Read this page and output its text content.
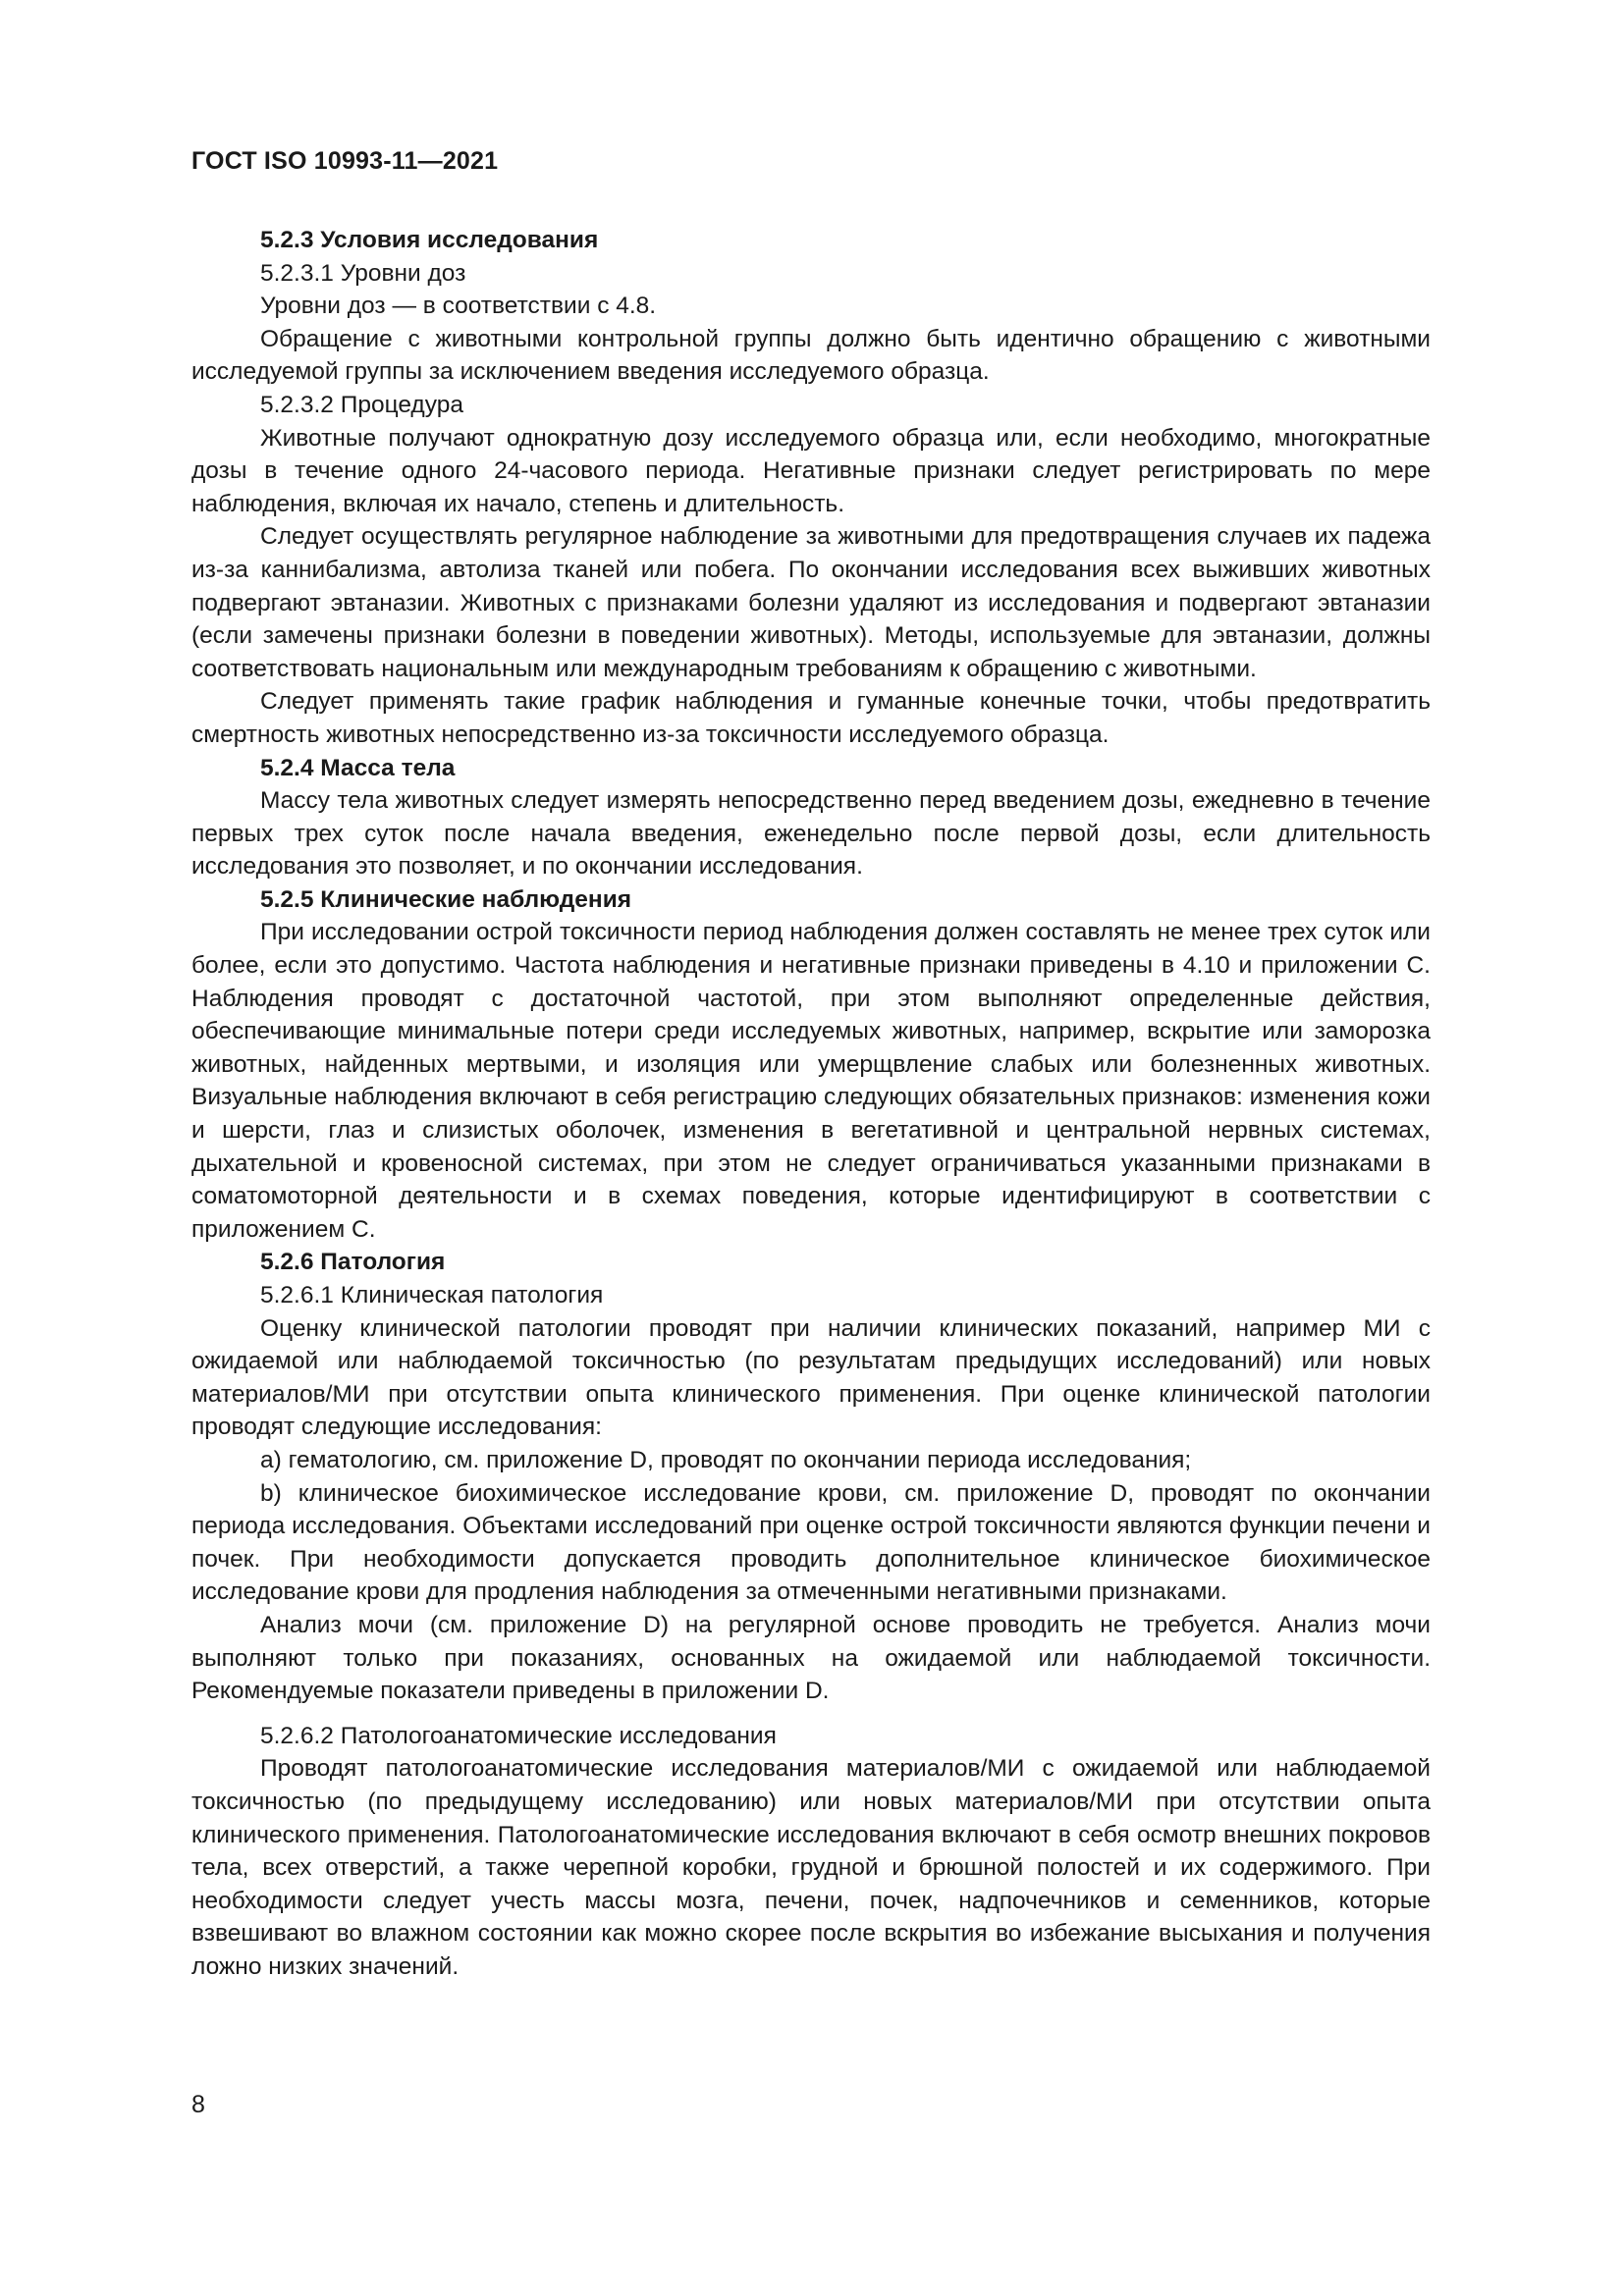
ГОСТ ISO 10993-11—2021

5.2.3 Условия исследования

5.2.3.1 Уровни доз

Уровни доз — в соответствии с 4.8.

Обращение с животными контрольной группы должно быть идентично обращению с животными исследуемой группы за исключением введения исследуемого образца.

5.2.3.2 Процедура

Животные получают однократную дозу исследуемого образца или, если необходимо, многократные дозы в течение одного 24-часового периода. Негативные признаки следует регистрировать по мере наблюдения, включая их начало, степень и длительность.

Следует осуществлять регулярное наблюдение за животными для предотвращения случаев их падежа из-за каннибализма, автолиза тканей или побега. По окончании исследования всех выживших животных подвергают эвтаназии. Животных с признаками болезни удаляют из исследования и подвергают эвтаназии (если замечены признаки болезни в поведении животных). Методы, используемые для эвтаназии, должны соответствовать национальным или международным требованиям к обращению с животными.

Следует применять такие график наблюдения и гуманные конечные точки, чтобы предотвратить смертность животных непосредственно из-за токсичности исследуемого образца.

5.2.4 Масса тела

Массу тела животных следует измерять непосредственно перед введением дозы, ежедневно в течение первых трех суток после начала введения, еженедельно после первой дозы, если длительность исследования это позволяет, и по окончании исследования.

5.2.5 Клинические наблюдения

При исследовании острой токсичности период наблюдения должен составлять не менее трех суток или более, если это допустимо. Частота наблюдения и негативные признаки приведены в 4.10 и приложении С. Наблюдения проводят с достаточной частотой, при этом выполняют определенные действия, обеспечивающие минимальные потери среди исследуемых животных, например, вскрытие или заморозка животных, найденных мертвыми, и изоляция или умерщвление слабых или болезненных животных. Визуальные наблюдения включают в себя регистрацию следующих обязательных признаков: изменения кожи и шерсти, глаз и слизистых оболочек, изменения в вегетативной и центральной нервных системах, дыхательной и кровеносной системах, при этом не следует ограничиваться указанными признаками в соматомоторной деятельности и в схемах поведения, которые идентифицируют в соответствии с приложением С.

5.2.6 Патология

5.2.6.1 Клиническая патология

Оценку клинической патологии проводят при наличии клинических показаний, например МИ с ожидаемой или наблюдаемой токсичностью (по результатам предыдущих исследований) или новых материалов/МИ при отсутствии опыта клинического применения. При оценке клинической патологии проводят следующие исследования:

а) гематологию, см. приложение D, проводят по окончании периода исследования;

b) клиническое биохимическое исследование крови, см. приложение D, проводят по окончании периода исследования. Объектами исследований при оценке острой токсичности являются функции печени и почек. При необходимости допускается проводить дополнительное клиническое биохимическое исследование крови для продления наблюдения за отмеченными негативными признаками.

Анализ мочи (см. приложение D) на регулярной основе проводить не требуется. Анализ мочи выполняют только при показаниях, основанных на ожидаемой или наблюдаемой токсичности. Рекомендуемые показатели приведены в приложении D.

5.2.6.2 Патологоанатомические исследования

Проводят патологоанатомические исследования материалов/МИ с ожидаемой или наблюдаемой токсичностью (по предыдущему исследованию) или новых материалов/МИ при отсутствии опыта клинического применения. Патологоанатомические исследования включают в себя осмотр внешних покровов тела, всех отверстий, а также черепной коробки, грудной и брюшной полостей и их содержимого. При необходимости следует учесть массы мозга, печени, почек, надпочечников и семенников, которые взвешивают во влажном состоянии как можно скорее после вскрытия во избежание высыхания и получения ложно низких значений.

8
